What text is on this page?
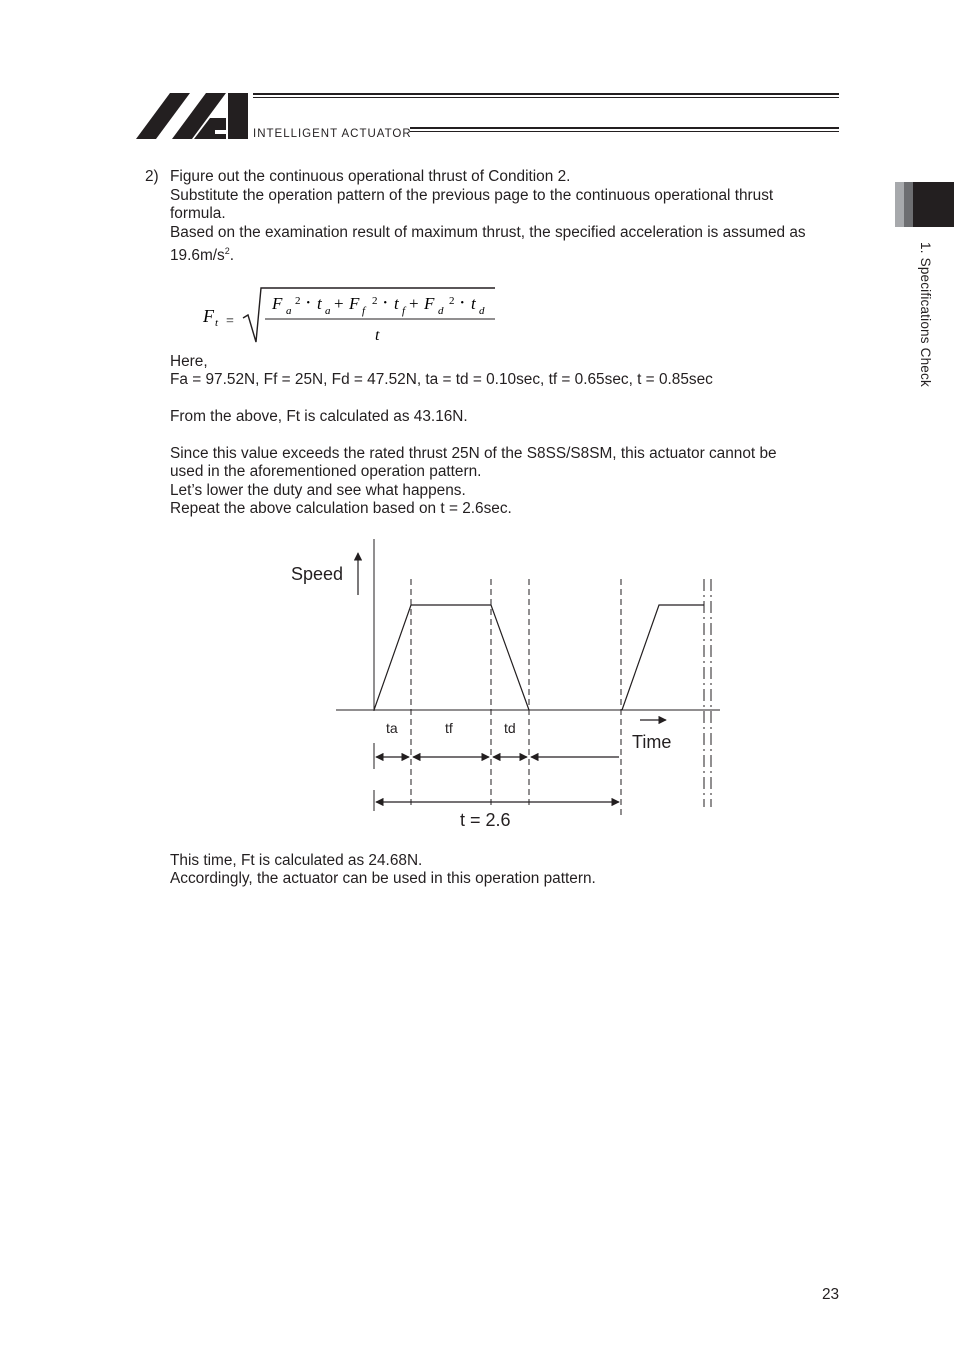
INTELLIGENT ACTUATOR
1. Specifications Check
2) Figure out the continuous operational thrust of Condition 2.
Substitute the operation pattern of the previous page to the continuous operational thrust
formula.
Based on the examination result of maximum thrust, the specified acceleration is assumed as
$19.6m/s^2$.
F t =
F a
2 ･ t a + F f
2 ･ t f + F d
2 ･ t d
t
Here,
Fa = 97.52N, Ff = 25N, Fd = 47.52N, ta = td = 0.10sec, tf = 0.65sec, t = 0.85sec
From the above, Ft is calculated as 43.16N.
Since this value exceeds the rated thrust 25N of the S8SS/S8SM, this actuator cannot be
used in the aforementioned operation pattern.
Let’s lower the duty and see what happens.
Repeat the above calculation based on t = 2.6sec.
Speed
ta	tf	td
Time
t = 2.6
This time, Ft is calculated as 24.68N.
Accordingly, the actuator can be used in this operation pattern.
23
